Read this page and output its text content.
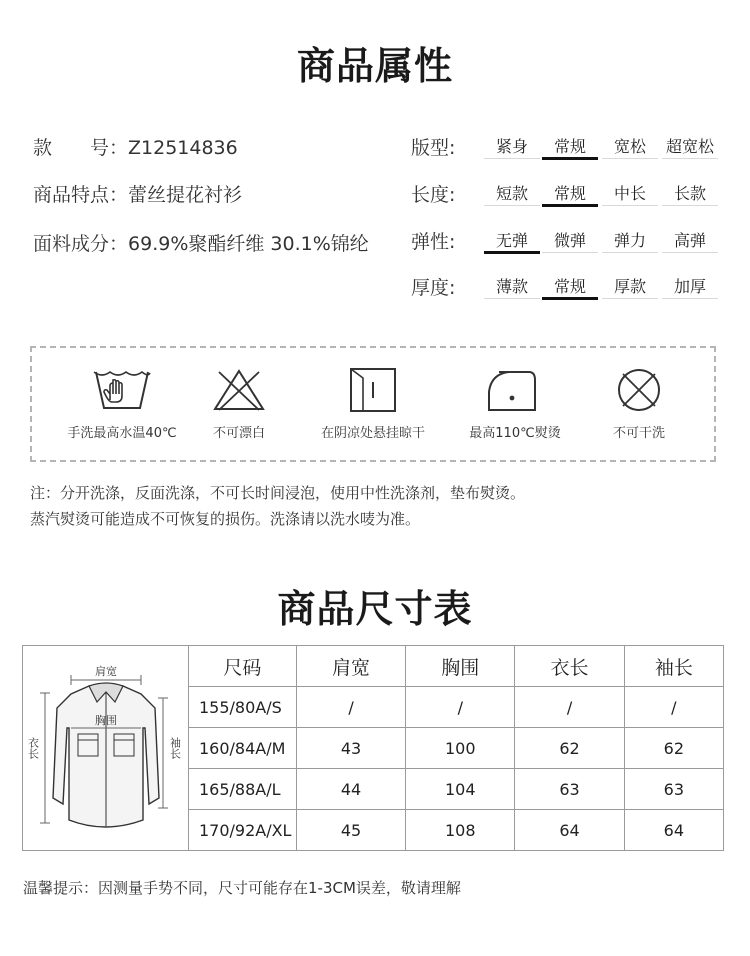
商品属性
款　　号：Z12514836
商品特点：蕾丝提花衬衫
面料成分：69.9%聚酯纤维 30.1%锦纶
版型:	紧身	常规	宽松	超宽松
长度:	短款	常规	中长	长款
弹性:	无弹	微弹	弹力	高弹
厚度:	薄款	常规	厚款	加厚
手洗最高水温40℃	不可漂白	在阴凉处悬挂晾干	最高110℃熨烫	不可干洗
注：分开洗涤，反面洗涤，不可长时间浸泡，使用中性洗涤剂，垫布熨烫。
蒸汽熨烫可能造成不可恢复的损伤。洗涤请以洗水唛为准。
商品尺寸表
肩宽
胸围
衣长 袖长	尺码	肩宽	胸围	衣长	袖长
	155/80A/S	/	/	/	/
	160/84A/M	43	100	62	62
	165/88A/L	44	104	63	63
	170/92A/XL	45	108	64	64
温馨提示：因测量手势不同，尺寸可能存在1-3CM误差，敬请理解
